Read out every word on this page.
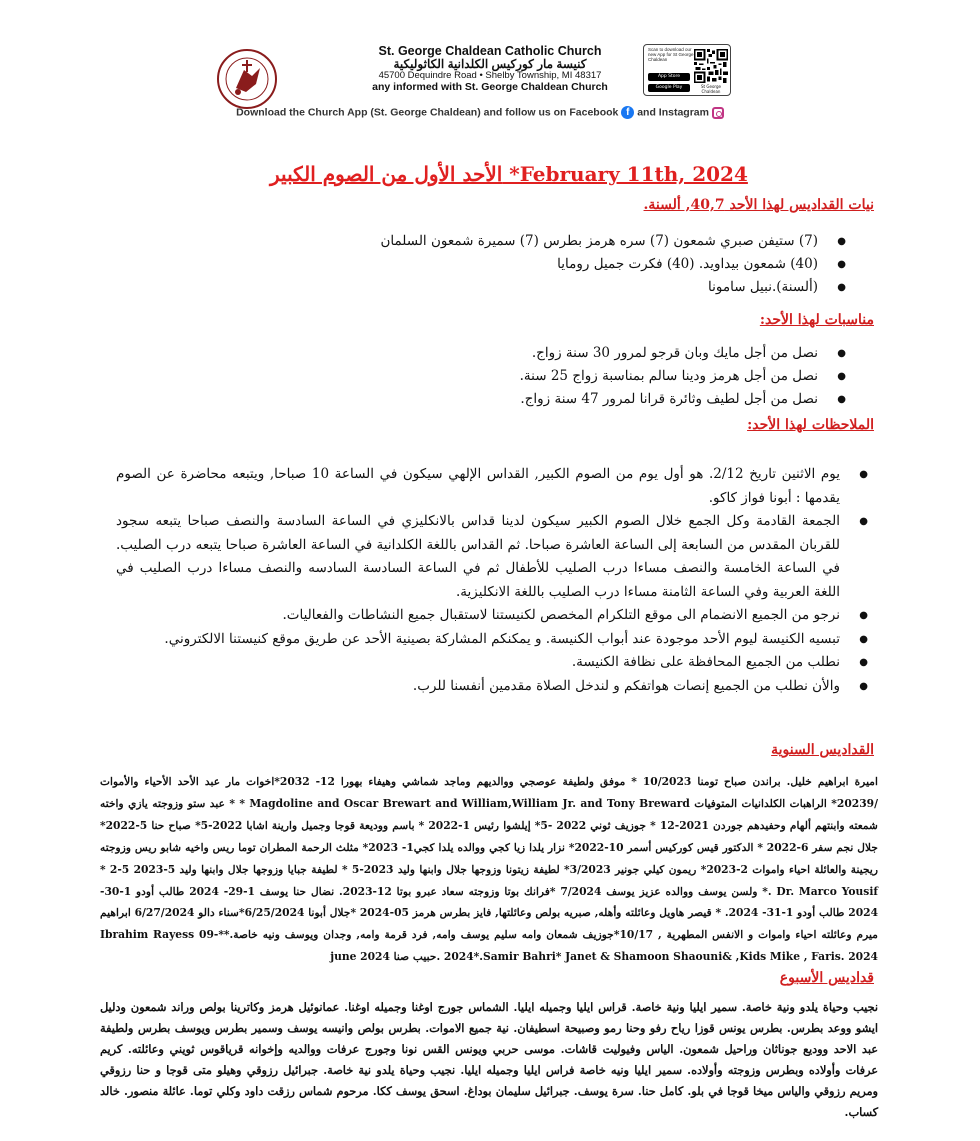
St. George Chaldean Catholic Church
كنيسة مار كوركيس الكلدانية الكاثوليكية
45700 Dequindre Road • Shelby Township, MI 48317
any informed with St. George Chaldean Church
Scan to download our new App for St George Chaldean
App Store
Google Play	St George Chaldean
Download the Church App (St. George Chaldean) and follow us on Facebook f and Instagram
الأحد الأول من الصوم الكبير *February 11th, 2024
نيات القداديس لهذا الأحد 40,7, ألسنة.
● (7) ستيفن صبري شمعون (7) سره هرمز بطرس (7) سميرة شمعون السلمان
● (40) شمعون بيداويد. (40) فكرت جميل رومايا
● (ألسنة).نبيل سامونا
مناسبات لهذا الأحد:
● نصل من أجل مايك وبان قرجو لمرور 30 سنة زواج.
● نصل من أجل هرمز ودينا سالم بمناسبة زواج 25 سنة.
● نصل من أجل لطيف وثائرة قرانا لمرور 47 سنة زواج.
الملاحظات لهذا الأحد:
● يوم الاثنين تاريخ 2/12. هو أول يوم من الصوم الكبير, القداس الإلهي سيكون في الساعة 10 صباحا, ويتبعه محاضرة عن الصوم يقدمها : أبونا فواز كاكو.
● الجمعة القادمة وكل الجمع خلال الصوم الكبير سيكون لدينا قداس بالانكليزي في الساعة السادسة والنصف صباحا يتبعه سجود للقربان المقدس من السابعة إلى الساعة العاشرة صباحا. ثم القداس باللغة الكلدانية في الساعة العاشرة صباحا يتبعه درب الصليب. في الساعة الخامسة والنصف مساءا درب الصليب للأطفال ثم في الساعة السادسة السادسه والنصف مساءا درب الصليب في اللغة العربية وفي الساعة الثامنة مساءا درب الصليب باللغة الانكليزية.
● نرجو من الجميع الانضمام الى موقع التلكرام المخصص لكنيستنا لاستقبال جميع النشاطات والفعاليات.
● تبسيه الكنيسة ليوم الأحد موجودة عند أبواب الكنيسة. و يمكنكم المشاركة بصينية الأحد عن طريق موقع كنيستنا الالكتروني.
● نطلب من الجميع المحافظة على نظافة الكنيسة.
● والأن نطلب من الجميع إنصات هواتفكم و لندخل الصلاة مقدمين أنفسنا للرب.
القداديس السنوية

اميرة ابراهيم خليل. براندن صباح تومنا 10/2023 * موفق ولطيفة عوصجي ووالديهم وماجد شماشي وهيفاء بهورا 12- 2032*اخوات مار عبد الأحد الأحياء والأموات /20239* الراهبات الكلدانيات المتوفيات Magdoline and Oscar Brewart and William,William Jr. and Tony Breward * * عبد ستو وزوجته يازي واخته شمعته وابنتهم ألهام وحفيدهم جوردن 2021-12 * جوزيف ثوني 2022 -5* إيلشوا رئيس 1-2022 * باسم ووديعة قوجا وجميل وارينة اشابا 2022-5* صباح حنا 5-2022* جلال نجم سفر 6-2022 * الدكتور قيس كوركيس أسمر 10-2022* نزار يلدا زيا كجي ووالده يلدا كجي1- 2023* مثلث الرحمة المطران توما ريس واخيه شابو ريس وزوجته ريجينة والعائلة احياء واموات 2-2023* ريمون كيلي جونير 3/2023* لطيفة زيتونا وزوجها جلال وابنها وليد 2023-5 * لطيفة جبايا وزوجها جلال وابنها وليد 5-2023 5-2 * Dr. Marco Yousif .* ولسن يوسف ووالده عزيز يوسف 7/2024 *فرانك بوتا وزوجته سعاد عبرو بوتا 12-2023. نضال حنا يوسف 1-29- 2024 طالب أودو 1-30- 2024 طالب أودو 1-31- 2024. * قيصر هاويل وعائلته وأهله, صبريه بولص وعائلتها, فايز بطرس هرمز 05-2024 *جلال أبونا 6/25/2024*سناء دالو 6/27/2024 ابراهيم ميرم وعائلته احياء واموات و الانفس المطهرية , 10/17*جوزيف شمعان وامه سليم يوسف وامه, فرد قرمة وامه, وجدان ويوسف ونيه خاصة.**Ibrahim Rayess 09-2024*.Samir Bahri* Janet & Shamoon Shaouni& ,Kids Mike , Faris. 2024 .حبيب صنا june 2024

قداديس الأسبوع
نجيب وحياة يلدو ونية خاصة. سمير ايليا ونية خاصة. قراس ايليا وجميله ايليا. الشماس جورج اوغنا وجميله اوغنا. عمانوئيل هرمز وكاترينا بولص وراند شمعون ودليل ايشو ووعد بطرس. بطرس يونس قوزا رياح رفو وحنا رمو وصبيحة اسطيفان. نية جميع الاموات. بطرس بولص وانيسه يوسف وسمير بطرس ويوسف بطرس ولطيفة عبد الاحد ووديع جوناثان وراحيل شمعون. الياس وفيوليت قاشات. موسى حربي ويونس القس نونا وجورج عرفات ووالديه وإخوانه قرياقوس ثويني وعائلته. كريم عرفات وأولاده وبطرس وزوجته وأولاده. سمير ايليا ونيه خاصة فراس ايليا وجميله ايليا. نجيب وحياة يلدو نية خاصة. جبرائيل رزوقي وهيلو متى قوجا و حنا رزوقي ومريم رزوقي والياس ميخا قوجا في بلو. كامل حنا. سرة يوسف. جبرائيل سليمان بوداغ. اسحق يوسف ككا. مرحوم شماس رزقت داود وكلي توما. عائلة منصور. خالد كساب.
